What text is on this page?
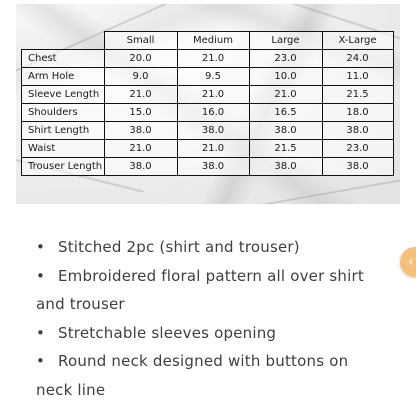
	Small	Medium	Large	X-Large
Chest	20.0	21.0	23.0	24.0
Arm Hole	9.0	9.5	10.0	11.0
Sleeve Length	21.0	21.0	21.0	21.5
Shoulders	15.0	16.0	16.5	18.0
Shirt Length	38.0	38.0	38.0	38.0
Waist	21.0	21.0	21.5	23.0
Trouser Length	38.0	38.0	38.0	38.0
• Stitched 2pc (shirt and trouser)
• Embroidered floral pattern all over shirt and trouser
• Stretchable sleeves opening
• Round neck designed with buttons on neck line
‹
